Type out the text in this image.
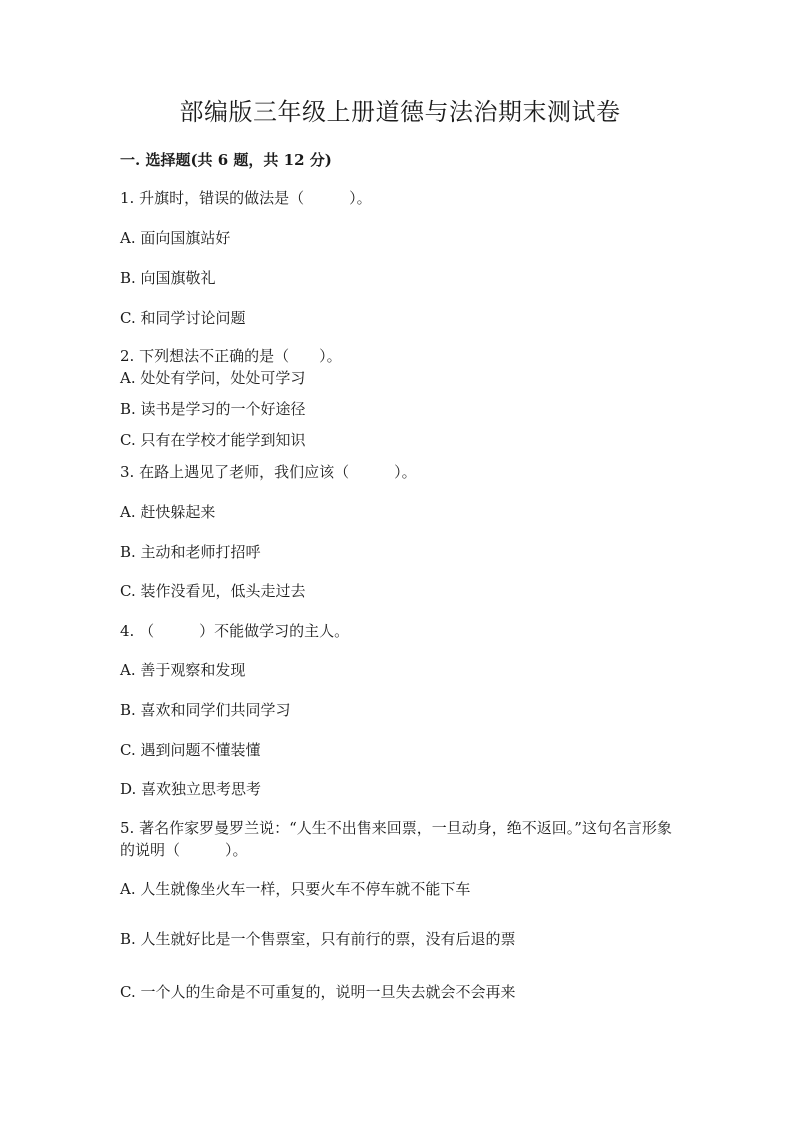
部编版三年级上册道德与法治期末测试卷
一. 选择题(共 6 题，共 12 分)
1. 升旗时，错误的做法是（　　　）。
A. 面向国旗站好
B. 向国旗敬礼
C. 和同学讨论问题
2. 下列想法不正确的是（　　）。
A. 处处有学问，处处可学习
B. 读书是学习的一个好途径
C. 只有在学校才能学到知识
3. 在路上遇见了老师，我们应该（　　　）。
A. 赶快躲起来
B. 主动和老师打招呼
C. 装作没看见，低头走过去
4. （　　　）不能做学习的主人。
A. 善于观察和发现
B. 喜欢和同学们共同学习
C. 遇到问题不懂装懂
D. 喜欢独立思考思考
5. 著名作家罗曼罗兰说：“人生不出售来回票，一旦动身，绝不返回。”这句名言形象的说明（　　　）。
A. 人生就像坐火车一样，只要火车不停车就不能下车
B. 人生就好比是一个售票室，只有前行的票，没有后退的票
C. 一个人的生命是不可重复的，说明一旦失去就会不会再来
